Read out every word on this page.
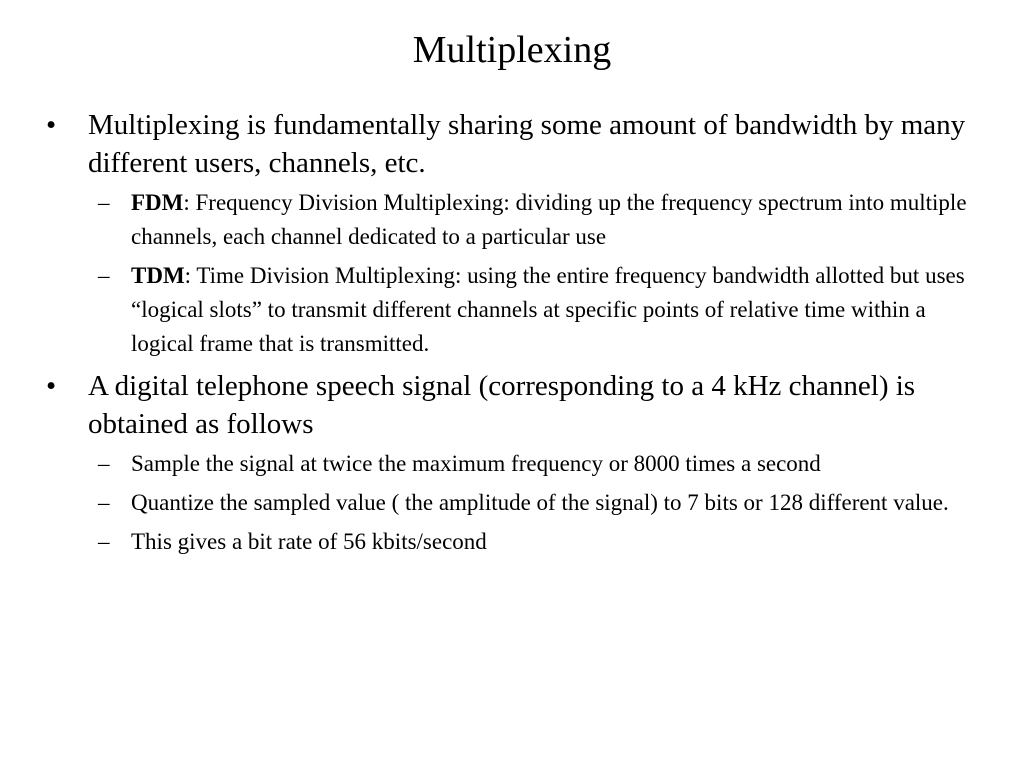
Multiplexing
•	Multiplexing is fundamentally sharing some amount of bandwidth by many different users, channels, etc.
– FDM: Frequency Division Multiplexing: dividing up the frequency spectrum into multiple channels, each channel dedicated to a particular use
– TDM: Time Division Multiplexing: using the entire frequency bandwidth allotted but uses “logical slots” to transmit different channels at specific points of relative time within a logical frame that is transmitted.
•	A digital telephone speech signal (corresponding to a 4 kHz channel) is obtained as follows
– Sample the signal at twice the maximum frequency or 8000 times a second
– Quantize the sampled value ( the amplitude of the signal) to 7 bits or 128 different value.
– This gives a bit rate of 56 kbits/second
